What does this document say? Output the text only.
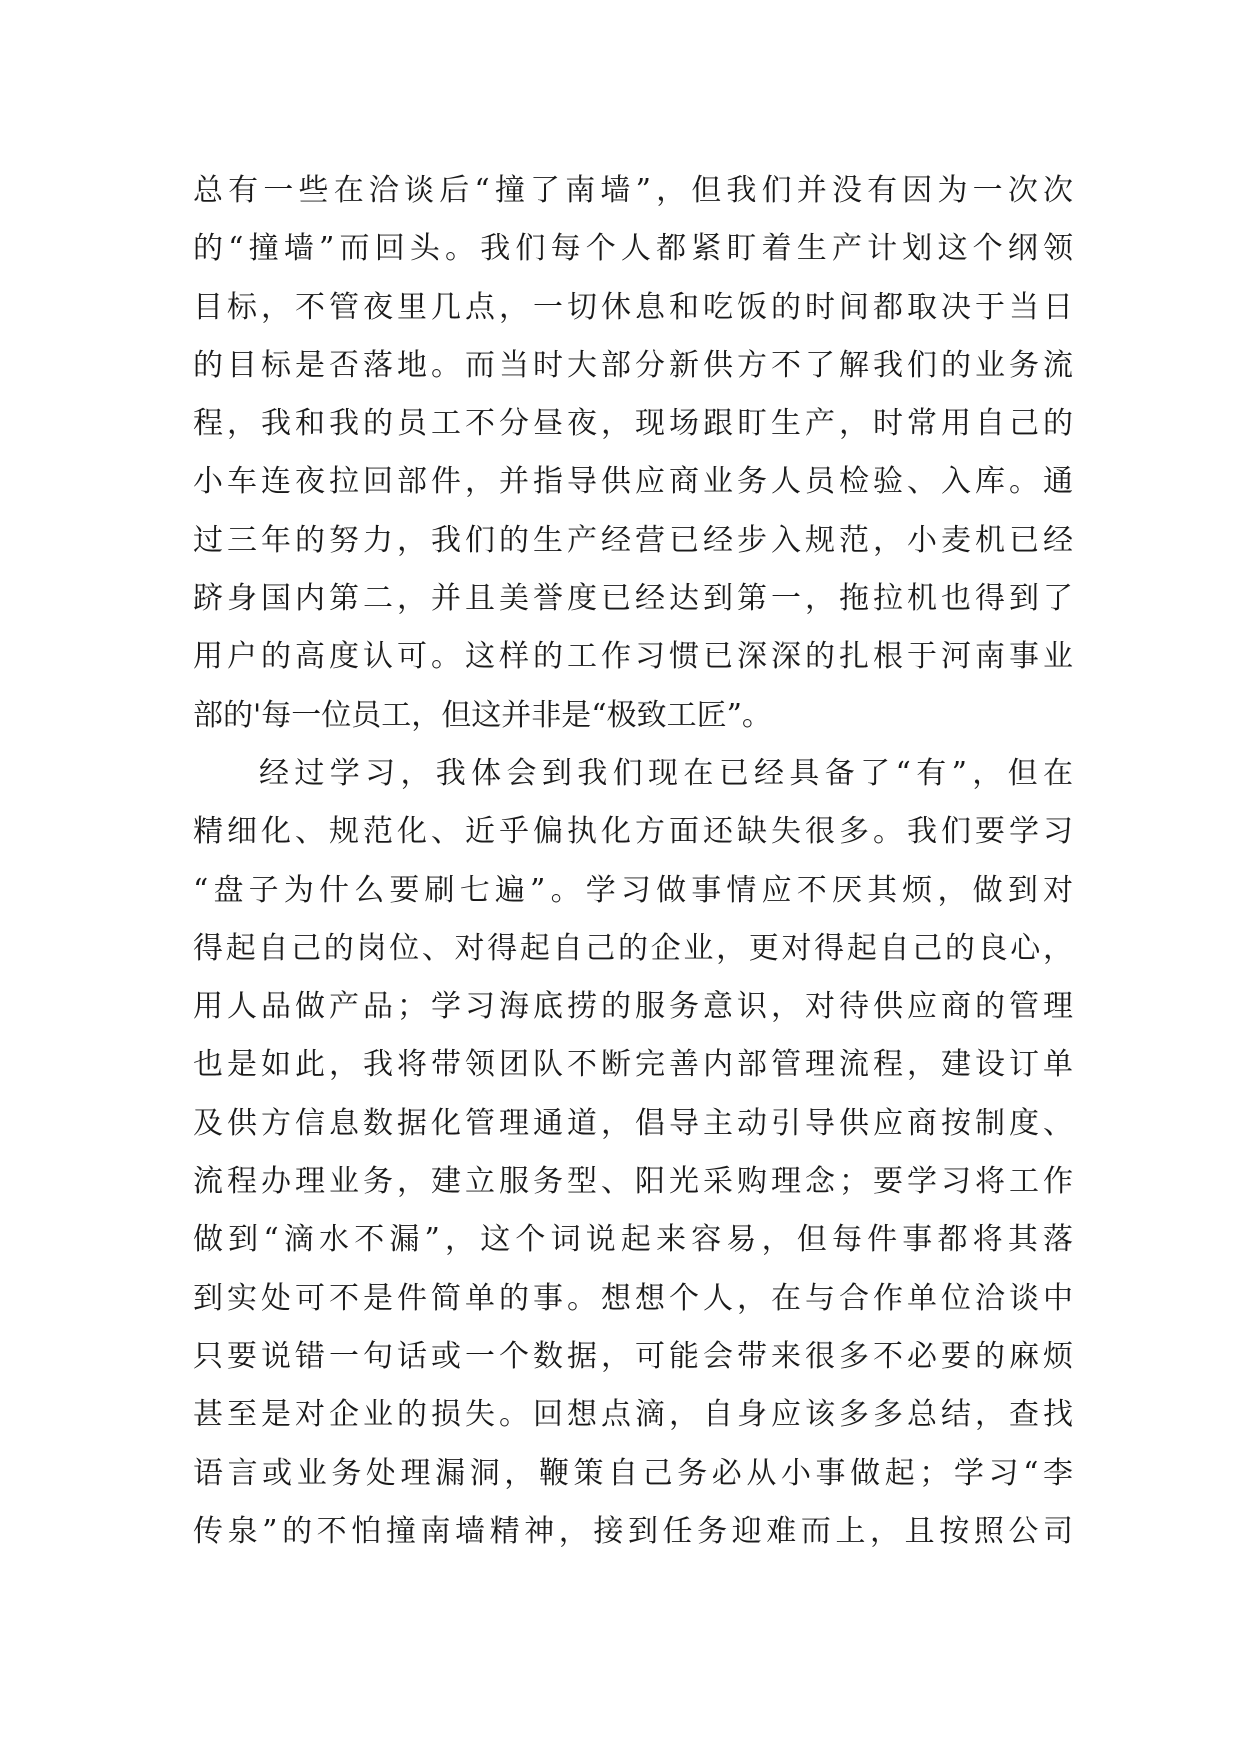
总有一些在洽谈后“撞了南墙”，但我们并没有因为一次次
的“撞墙”而回头。我们每个人都紧盯着生产计划这个纲领
目标，不管夜里几点，一切休息和吃饭的时间都取决于当日
的目标是否落地。而当时大部分新供方不了解我们的业务流
程，我和我的员工不分昼夜，现场跟盯生产，时常用自己的
小车连夜拉回部件，并指导供应商业务人员检验、入库。通
过三年的努力，我们的生产经营已经步入规范，小麦机已经
跻身国内第二，并且美誉度已经达到第一，拖拉机也得到了
用户的高度认可。这样的工作习惯已深深的扎根于河南事业
部的'每一位员工，但这并非是“极致工匠”。
经过学习，我体会到我们现在已经具备了“有”，但在
精细化、规范化、近乎偏执化方面还缺失很多。我们要学习
“盘子为什么要刷七遍”。学习做事情应不厌其烦，做到对
得起自己的岗位、对得起自己的企业，更对得起自己的良心，
用人品做产品；学习海底捞的服务意识，对待供应商的管理
也是如此，我将带领团队不断完善内部管理流程，建设订单
及供方信息数据化管理通道，倡导主动引导供应商按制度、
流程办理业务，建立服务型、阳光采购理念；要学习将工作
做到“滴水不漏”，这个词说起来容易，但每件事都将其落
到实处可不是件简单的事。想想个人，在与合作单位洽谈中
只要说错一句话或一个数据，可能会带来很多不必要的麻烦
甚至是对企业的损失。回想点滴，自身应该多多总结，查找
语言或业务处理漏洞，鞭策自己务必从小事做起；学习“李
传泉”的不怕撞南墙精神，接到任务迎难而上，且按照公司
